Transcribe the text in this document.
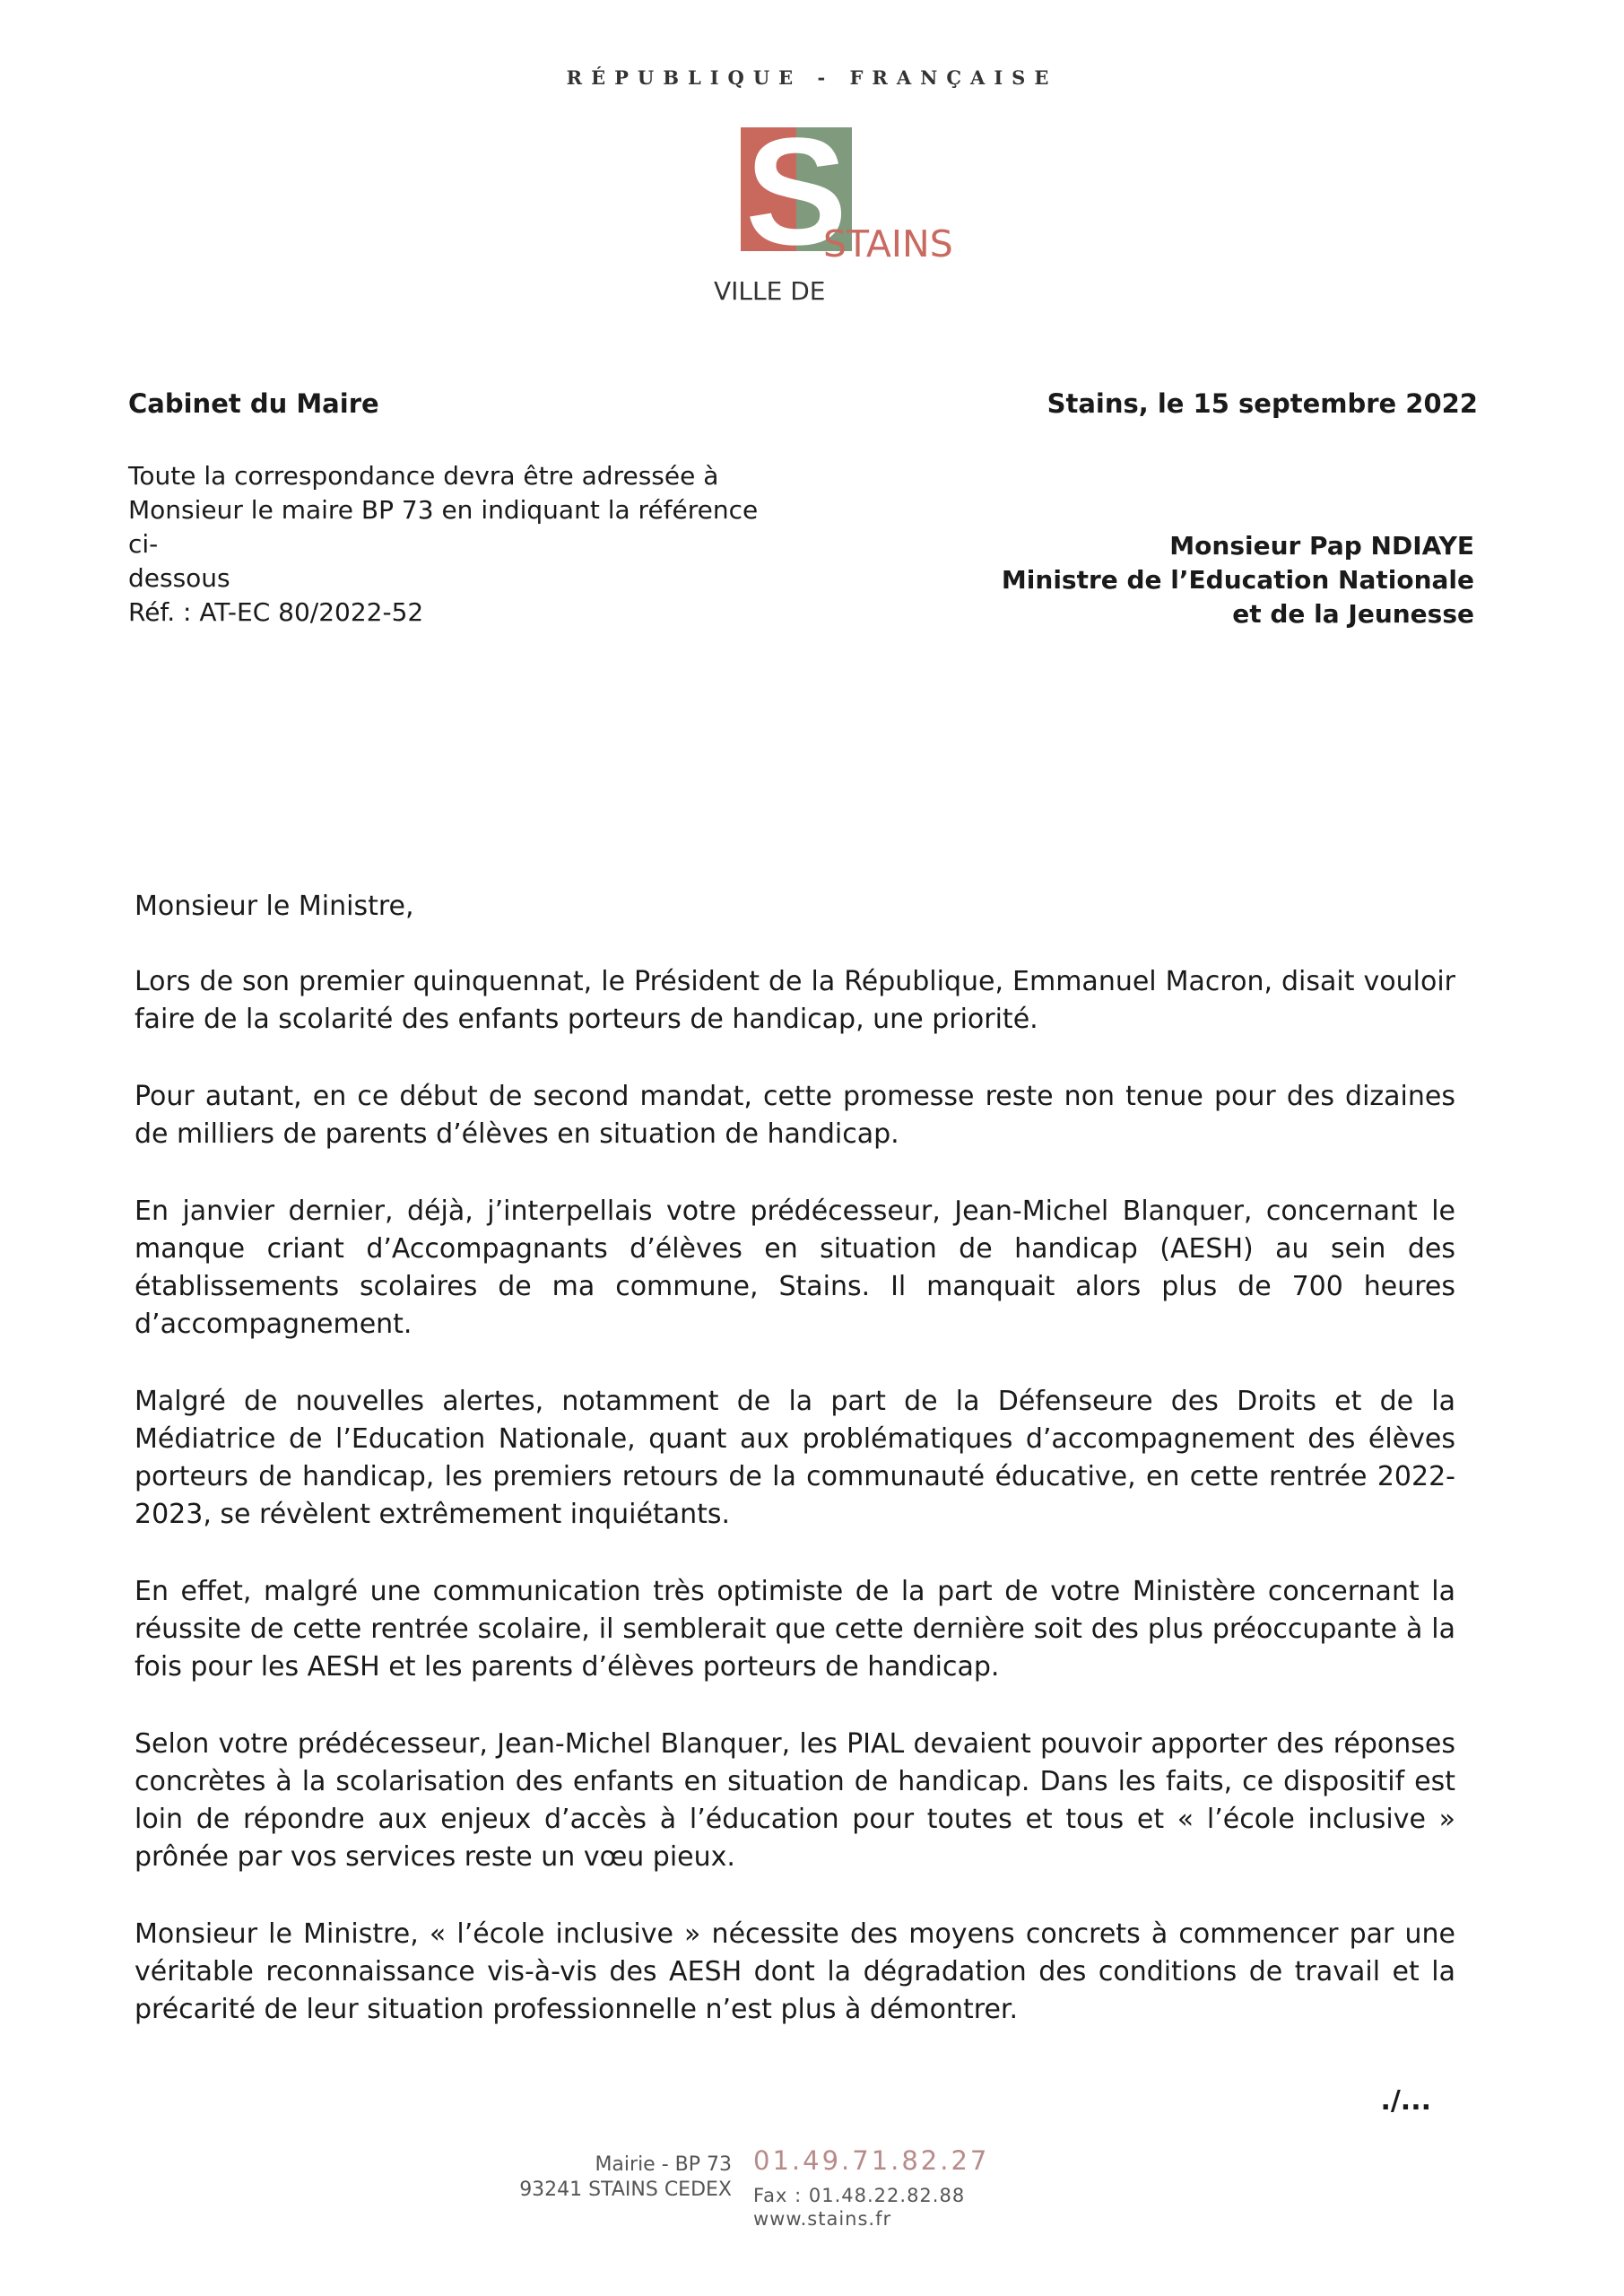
RÉPUBLIQUE - FRANÇAISE
S
STAINS
VILLE DE
Cabinet du Maire	Stains, le 15 septembre 2022
Toute la correspondance devra être adressée à
Monsieur le maire BP 73 en indiquant la référence ci-
dessous
Réf. : AT-EC 80/2022-52
Monsieur Pap NDIAYE
Ministre de l’Education Nationale
et de la Jeunesse

Monsieur le Ministre,

Lors de son premier quinquennat, le Président de la République, Emmanuel Macron, disait vouloir faire de la scolarité des enfants porteurs de handicap, une priorité.

Pour autant, en ce début de second mandat, cette promesse reste non tenue pour des dizaines de milliers de parents d’élèves en situation de handicap.

En janvier dernier, déjà, j’interpellais votre prédécesseur, Jean-Michel Blanquer, concernant le manque criant d’Accompagnants d’élèves en situation de handicap (AESH) au sein des établissements scolaires de ma commune, Stains. Il manquait alors plus de 700 heures d’accompagnement.

Malgré de nouvelles alertes, notamment de la part de la Défenseure des Droits et de la Médiatrice de l’Education Nationale, quant aux problématiques d’accompagnement des élèves porteurs de handicap, les premiers retours de la communauté éducative, en cette rentrée 2022-2023, se révèlent extrêmement inquiétants.

En effet, malgré une communication très optimiste de la part de votre Ministère concernant la réussite de cette rentrée scolaire, il semblerait que cette dernière soit des plus préoccupante à la fois pour les AESH et les parents d’élèves porteurs de handicap.

Selon votre prédécesseur, Jean-Michel Blanquer, les PIAL devaient pouvoir apporter des réponses concrètes à la scolarisation des enfants en situation de handicap. Dans les faits, ce dispositif est loin de répondre aux enjeux d’accès à l’éducation pour toutes et tous et « l’école inclusive » prônée par vos services reste un vœu pieux.

Monsieur le Ministre, « l’école inclusive » nécessite des moyens concrets à commencer par une véritable reconnaissance vis-à-vis des AESH dont la dégradation des conditions de travail et la précarité de leur situation professionnelle n’est plus à démontrer.

./...
Mairie - BP 73
93241 STAINS CEDEX
01.49.71.82.27
Fax : 01.48.22.82.88
www.stains.fr
